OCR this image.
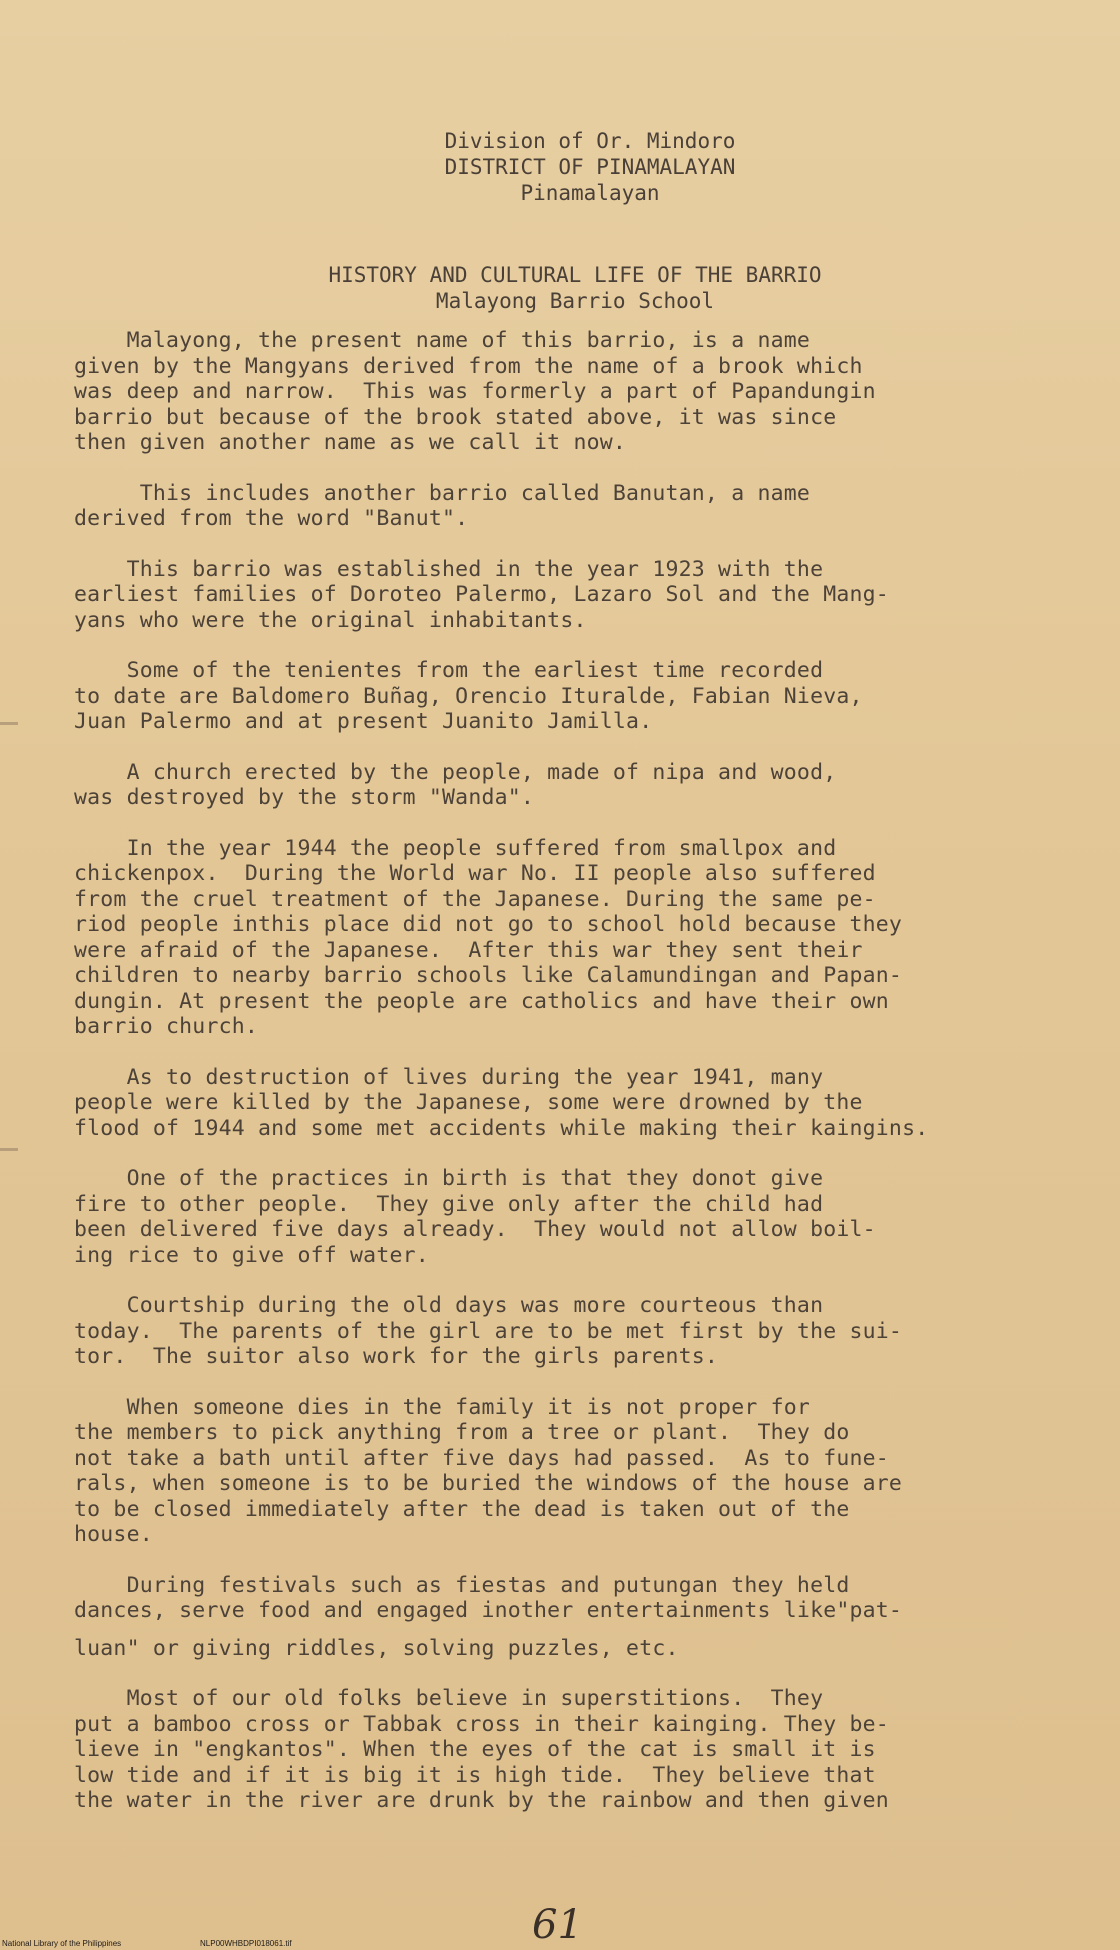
Division of Or. Mindoro
DISTRICT OF PINAMALAYAN
Pinamalayan
HISTORY AND CULTURAL LIFE OF THE BARRIO
Malayong Barrio School
Malayong, the present name of this barrio, is a name
given by the Mangyans derived from the name of a brook which
was deep and narrow.  This was formerly a part of Papandungin
barrio but because of the brook stated above, it was since
then given another name as we call it now.
This includes another barrio called Banutan, a name
derived from the word "Banut".
This barrio was established in the year 1923 with the
earliest families of Doroteo Palermo, Lazaro Sol and the Mang-
yans who were the original inhabitants.
Some of the tenientes from the earliest time recorded
to date are Baldomero Buñag, Orencio Ituralde, Fabian Nieva,
Juan Palermo and at present Juanito Jamilla.
A church erected by the people, made of nipa and wood,
was destroyed by the storm "Wanda".
In the year 1944 the people suffered from smallpox and
chickenpox.  During the World war No. II people also suffered
from the cruel treatment of the Japanese. During the same pe-
riod people inthis place did not go to school hold because they
were afraid of the Japanese.  After this war they sent their
children to nearby barrio schools like Calamundingan and Papan-
dungin. At present the people are catholics and have their own
barrio church.
As to destruction of lives during the year 1941, many
people were killed by the Japanese, some were drowned by the
flood of 1944 and some met accidents while making their kaingins.
One of the practices in birth is that they donot give
fire to other people.  They give only after the child had
been delivered five days already.  They would not allow boil-
ing rice to give off water.
Courtship during the old days was more courteous than
today.  The parents of the girl are to be met first by the sui-
tor.  The suitor also work for the girls parents.
When someone dies in the family it is not proper for
the members to pick anything from a tree or plant.  They do
not take a bath until after five days had passed.  As to fune-
rals, when someone is to be buried the windows of the house are
to be closed immediately after the dead is taken out of the
house.
During festivals such as fiestas and putungan they held
dances, serve food and engaged inother entertainments like"pat-
luan" or giving riddles, solving puzzles, etc.
Most of our old folks believe in superstitions.  They
put a bamboo cross or Tabbak cross in their kainging. They be-
lieve in "engkantos". When the eyes of the cat is small it is
low tide and if it is big it is high tide.  They believe that
the water in the river are drunk by the rainbow and then given
61
National Library of the Philippines	NLP00WHBDPI018061.tif
